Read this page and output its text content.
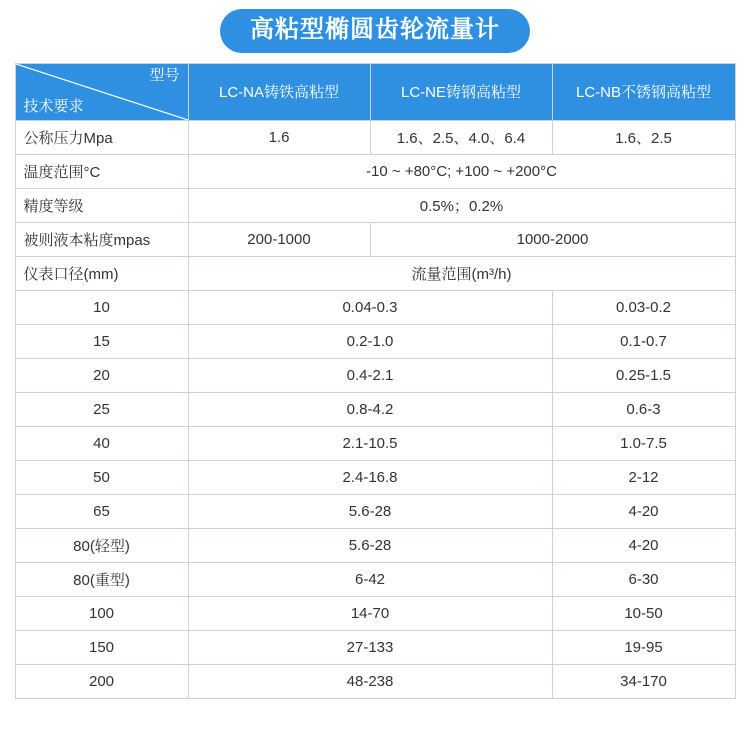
高粘型椭圆齿轮流量计
型号
技术要求	LC-NA铸铁高粘型	LC-NE铸钢高粘型	LC-NB不锈钢高粘型
公称压力Mpa	1.6	1.6、2.5、4.0、6.4	1.6、2.5
温度范围°C	-10 ~ +80°C; +100 ~ +200°C		
精度等级	0.5%；0.2%		
被则液本粘度mpas	200-1000	1000-2000	
仪表口径(mm)	流量范围(m³/h)		
10	0.04-0.3		0.03-0.2
15	0.2-1.0		0.1-0.7
20	0.4-2.1		0.25-1.5
25	0.8-4.2		0.6-3
40	2.1-10.5		1.0-7.5
50	2.4-16.8		2-12
65	5.6-28		4-20
80(轻型)	5.6-28		4-20
80(重型)	6-42		6-30
100	14-70		10-50
150	27-133		19-95
200	48-238		34-170
